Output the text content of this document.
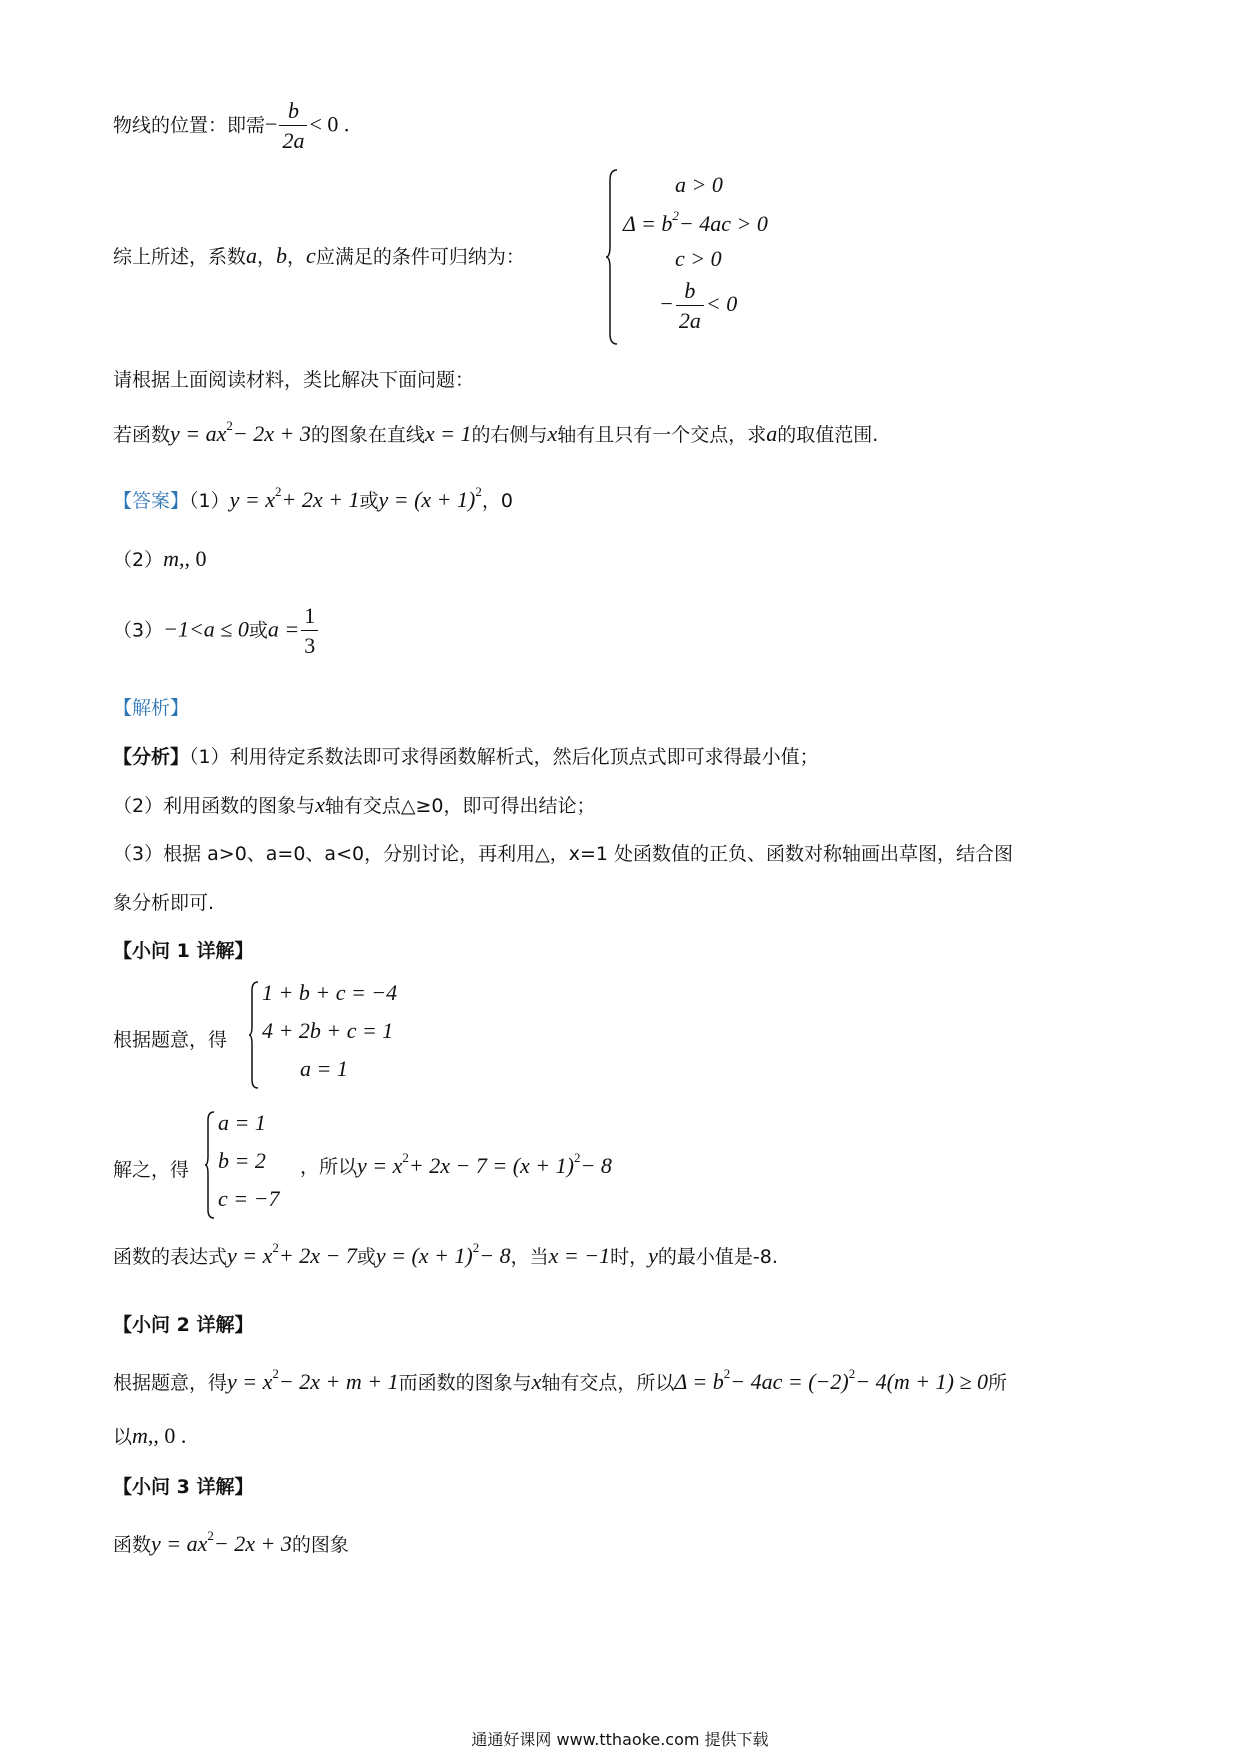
物线的位置：即需− $\frac{b}{2a} < 0$ .
综上所述，系数a，b，c应满足的条件可归纳为：
a > 0
$\Delta = b^2- 4ac > 0$
c > 0
− $\frac{b}{2a} < 0$
请根据上面阅读材料，类比解决下面问题：
若函数$y = ax^2- 2x + 3$的图象在直线x = 1的右侧与x轴有且只有一个交点，求a的取值范围.
【答案】$(1)y = x^2+ 2x + 1$或$y = (x + 1)^2$，0
（2）m,, 0
（3）−1<a ≤ 0或$a = \frac{1}{3}$
【解析】
【分析】（1）利用待定系数法即可求得函数解析式，然后化顶点式即可求得最小值；
（2）利用函数的图象与x轴有交点△≥0，即可得出结论；
（3）根据 a>0、a=0、a<0，分别讨论，再利用△，x=1 处函数值的正负、函数对称轴画出草图，结合图
象分析即可.
【小问 1 详解】
根据题意，得
1 + b + c = −4
4 + 2b + c = 1
a = 1
解之，得
a = 1
b = 2
c = −7
，所以$y = x^2+ 2x - 7 = (x + 1)^2- 8$
函数的表达式$y = x^2+ 2x - 7$或$y = (x + 1)^2- 8$，当x = −1时，y的最小值是-8.
【小问 2 详解】
根据题意，得$y = x^2- 2x + m + 1$而函数的图象与x轴有交点，所以$\Delta = b^2- 4ac = (-2)^2- 4(m + 1) \ge 0$所
以m,, 0 .
【小问 3 详解】
函数$y = ax^2- 2x + 3$的图象
通通好课网 www.tthaoke.com 提供下载
